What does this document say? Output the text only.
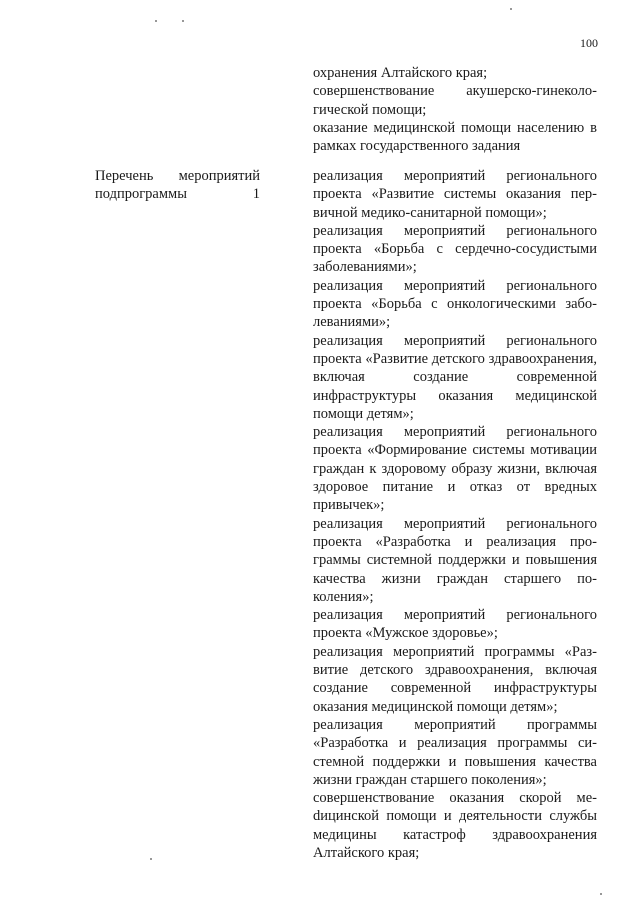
100

охранения Алтайского края;

совершенствование акушерско-гинекологической помощи;

оказание медицинской помощи населению в рамках государственного задания

Перечень мероприятий подпрограммы 1

реализация мероприятий регионального проекта «Развитие системы оказания первичной медико-санитарной помощи»;

реализация мероприятий регионального проекта «Борьба с сердечно-сосудистыми заболеваниями»;

реализация мероприятий регионального проекта «Борьба с онкологическими заболеваниями»;

реализация мероприятий регионального проекта «Развитие детского здравоохранения, включая создание современной инфраструктуры оказания медицинской помощи детям»;

реализация мероприятий регионального проекта «Формирование системы мотивации граждан к здоровому образу жизни, включая здоровое питание и отказ от вредных привычек»;

реализация мероприятий регионального проекта «Разработка и реализация программы системной поддержки и повышения качества жизни граждан старшего поколения»;

реализация мероприятий регионального проекта «Мужское здоровье»;

реализация мероприятий программы «Развитие детского здравоохранения, включая создание современной инфраструктуры оказания медицинской помощи детям»;

реализация мероприятий программы «Разработка и реализация программы системной поддержки и повышения качества жизни граждан старшего поколения»;

совершенствование оказания скорой меdицинской помощи и деятельности службы медицины катастроф здравоохранения Алтайского края;
